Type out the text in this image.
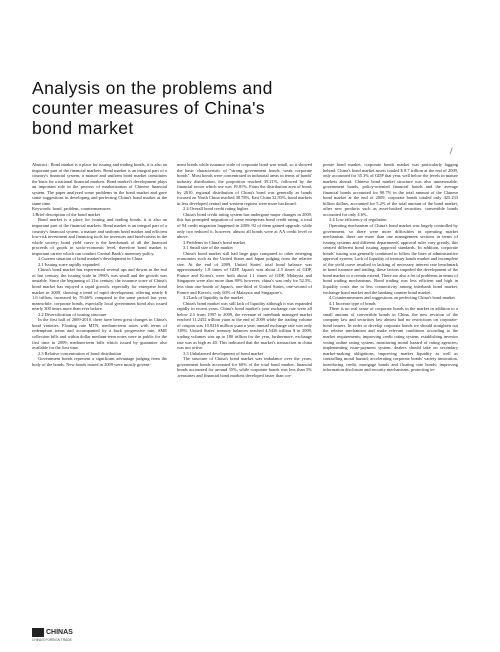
Analysis on the problems and
counter measures of China's
bond market
/

Abstract : Bond market is a place for issuing and trading bonds, it is also an important part of the financial markets. Bond market is an integral part of a country's financial system, a mature and uniform bond market constitutes the basis for a national financial markets. Bond market's development plays an important role in the process of marketization of Chinese financial system. The paper analyzed some problems in the bond market and gave some suggestions in developing and perfecting China's bond market at the same time.

Keywords: bond, problem, countermeasures

1.Brief description of the bond market

Bond market is a place for issuing and trading bonds, it is also an important part of the financial markets. Bond market is an integral part of a country's financial system, a mature and uniform bond market and efficient low-risk investment and financing tools for investors and fund-raisers in the whole society; bond yield curve is the benchmark of all the financial proceeds of goods in socio-economic level, therefore bond market is important carrier which can conduct Central Bank's monetary policy.

2.Current situation of bond market's development in China

2.1 Issuing scare rapidly expanded

China's bond market has experienced several ups and downs in the end of last century, the issuing scale in 1990's was small and the growth was unstable. Since the beginning of 21st century, the issuance scare of China's bond market has enjoyed a rapid growth, especially for enterprise bond market in 2009, showing a trend of rapid development, offering nearly $ 1.6 trillion, increased by 76.66% compared to the same period last year, meanwhile, corporate bonds, especially local government bond also issued nearly 300 times more than ever before.

2.2 Diversification of issuing structure

In the first half of 2009-2010, there have been great changes in China's bond varieties. Floating rate MTN, medium-term notes with terms of redemption terms and accompanied by a back progressive rate, SME collection bills and within dollar medium-term notes were in public for the first time in 2009; medium-term bills which issued by guarantee also available for the first time.

2.3 Relative concentration of bond distribution

Government bonds represent a significant advantage judging from the body of the bonds. New bonds issued in 2009 were mostly govern-

ment bonds while issuance scale of corporate bond was small, so it showed the basic characteristic of "strong government bonds, weak corporate bonds". Most bonds were concentrated in industrial areas in terms of bonds' industry distribution, the proportion reached 39.21%, followed by the financial sector which use was 19.81%. From the distribution area of bond, by 2010, regional distribution of China's bond was generally as bonds focused on North China reached 38.78%, East China 32.93%, bond markets in less developed central and western regions were more backward.

2.4 Overall bond credit rating higher

China's bond credit rating system has undergone major changes in 2009, this has prompted migration of some enterprises bond credit rating, a total of 94 credit migration happened in 2009, 92 of them gained upgrade, while only two reduced it, however, almost all bonds were at AA credit level or above.

3.Problems in China's bond market

3.1 Small size of the market

China's bond market still had large gaps compared to other emerging economies such as the United States and Japan judging from the relative size. At the end of 2009, United States' total bond balance was approximately 1.8 times of GDP, Japan's was about 2.5 times of GDP, France and Korea's were both about 1.1 times of GDP, Malaysia and Singapore were also more than 80% however, china's was only for 52.5%, less than one-fourth of Japan's, one-third of United States, one-second of France and Korea's, only 60% of Malaysia and Singapore's.

3.2Lack of liquidity in the market

China's bond market was still lack of liquidity although it was expanded rapidly in recent years. China's bond market's year exchange rate were all below 2.5 from 1997 to 2009, the revenue of interbank managed market reached 11.2452 trillion yuan at the end of 2009 while the trading volume of coupon was 10.9216 million yuan a year, annual exchange rate was only 118%. United States' treasury balances reached 4.5436 trillion $ in 2009, trading volumes was up to 180 trillion for the year, furthermore, exchange rate was as high as 40. This indicated that the market's transaction in china was not active.

3.3 Unbalanced development of bond market

The structure of China's bond market was imbalance over the years, government bonds accounted for 60% of the total bond market, financial bonds accounted for around 35%, while corporate bonds was less than 5% ,treasuries and financial bond markets developed faster than cor-

porate bond market, corporate bonds market was particularly lagging behind. China's bond market assets totaled $ 8.7 trillion at the end of 2009, only accounted for 35.3% of GDP that year, well below the levels in mature markets abroad. Chinese bond market structure was also unreasonable, government bonds, policy-oriented financial bonds and the average financial bonds accounted for 90.7% in the total amount of the Chinese bond market at the end of 2009, corporate bonds totaled only 425.233 billion dollars, accounted for 5.2% of the total amount of the bond market, other new products such as asset-backed securities, convertible bonds accounted for only 4.6%.

3.4 Low efficiency of regulation

Operating mechanism of China's bond market was largely controlled by government, so there were more difficulties in operating market mechanism. there are more than one management sections in terms of issuing systems and different departments' approval rules vary greatly, this created different bond issuing approval standards. In addition, corporate bonds' issuing was generally continued to follow the lines of administrative approval system; Lack of liquidity of treasury bonds market and incomplete of the yield curve resulted in lacking of necessary interest rate benchmark in bond issuance and trading, these factors impeded the development of the bond market to a certain extend. There are also a lot of problems in terms of bond trading mechanisms. Bond trading was less efficient and high in liquidity costs due to less connectivity among interbank bond market, exchange bond market and the banking counter bond market.

4.Countermeasures and suggestions on perfecting China's bond market

4.1 Increase type of bonds

There is no real sense of corporate bonds in the market in addition to a small amount of convertible bonds in China, the new revision of the company law and securities law almost had no restrictions on corporate-bond issuers. In order to develop corporate bonds we should straighten out the release mechanism and make relevant conditions according to the market requirements; improving credit rating system, establishing investor voting online rating system, monitoring moral hazard of rating agencies; implementing issue-payment system, dealers should take on secondary market-making obligations, improving market liquidity as well as controlling moral hazard; accelerating corporate bonds' variety innovation, introducing credit, mortgage bonds and floating rate bonds; improving information disclosure and security mechanisms, protecting in-

CHINAS
CHINA'S FOREIGN TRADE
